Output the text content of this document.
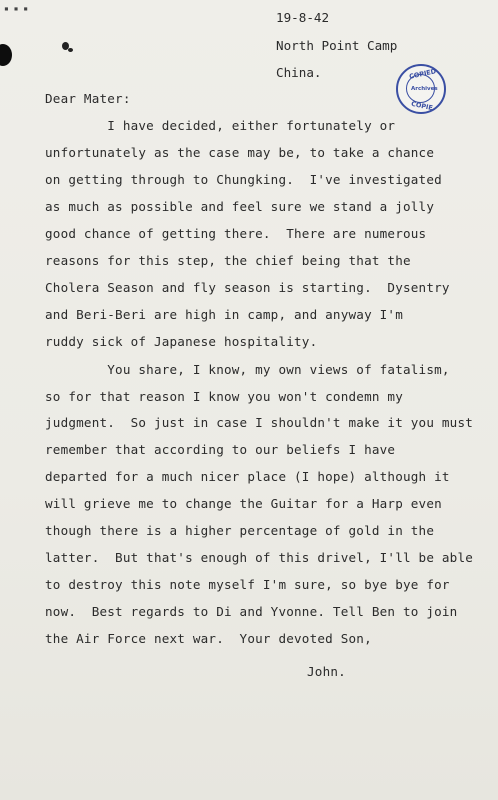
▪ ▪ ▪
19-8-42
North Point Camp
China.	COPIED
Archives
COPIE
Dear Mater:
I have decided, either fortunately or
unfortunately as the case may be, to take a chance
on getting through to Chungking.  I've investigated
as much as possible and feel sure we stand a jolly
good chance of getting there.  There are numerous
reasons for this step, the chief being that the
Cholera Season and fly season is starting.  Dysentry
and Beri-Beri are high in camp, and anyway I'm
ruddy sick of Japanese hospitality.
You share, I know, my own views of fatalism,
so for that reason I know you won't condemn my
judgment.  So just in case I shouldn't make it you must
remember that according to our beliefs I have
departed for a much nicer place (I hope) although it
will grieve me to change the Guitar for a Harp even
though there is a higher percentage of gold in the
latter.  But that's enough of this drivel, I'll be able
to destroy this note myself I'm sure, so bye bye for
now.  Best regards to Di and Yvonne. Tell Ben to join
the Air Force next war.  Your devoted Son,
John.
